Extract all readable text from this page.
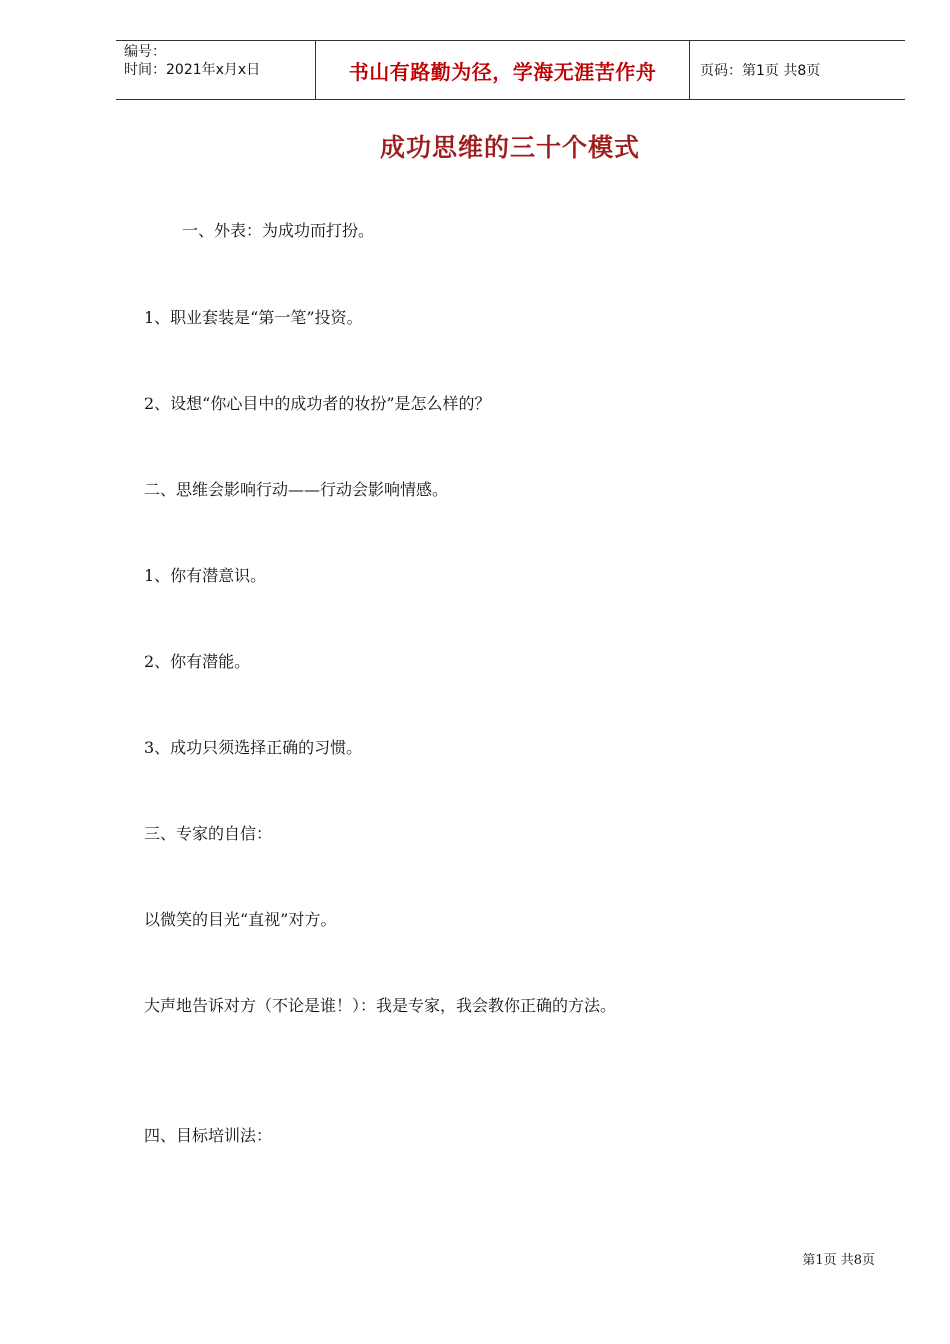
编号：
时间：2021年x月x日	书山有路勤为径，学海无涯苦作舟	页码：第1页 共8页
成功思维的三十个模式
一、外表：为成功而打扮。
1、职业套装是“第一笔”投资。
2、设想“你心目中的成功者的妆扮”是怎么样的？
二、思维会影响行动——行动会影响情感。
1、你有潜意识。
2、你有潜能。
3、成功只须选择正确的习惯。
三、专家的自信：
以微笑的目光“直视”对方。
大声地告诉对方（不论是谁！）：我是专家，我会教你正确的方法。
四、目标培训法：
第1页 共8页
